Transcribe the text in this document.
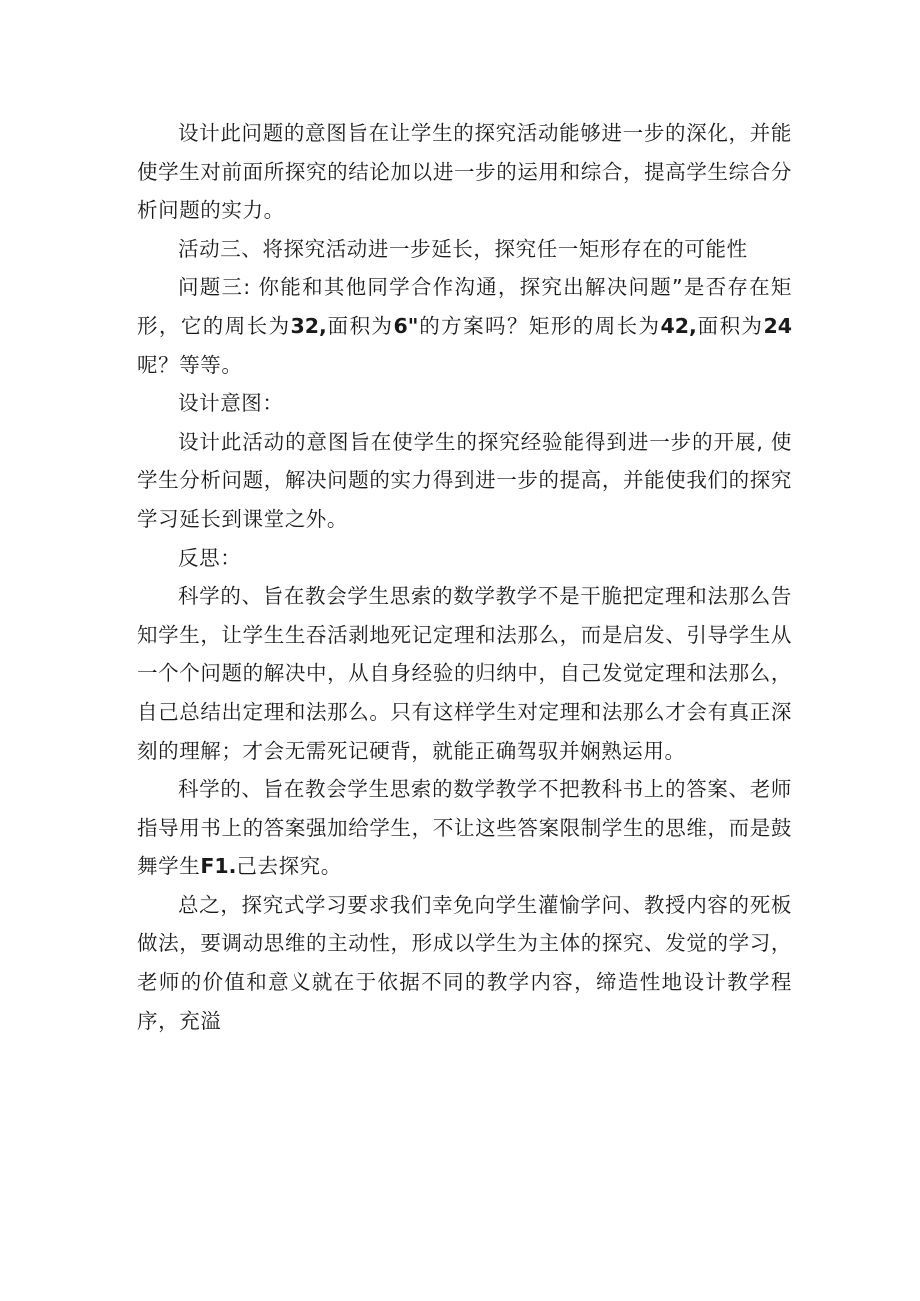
设计此问题的意图旨在让学生的探究活动能够进一步的深化，并能使学生对前面所探究的结论加以进一步的运用和综合，提高学生综合分析问题的实力。

活动三、将探究活动进一步延长，探究任一矩形存在的可能性

问题三: 你能和其他同学合作沟通，探究出解决问题”是否存在矩形，它的周长为32,面积为6"的方案吗？矩形的周长为42,面积为24呢？等等。

设计意图：

设计此活动的意图旨在使学生的探究经验能得到进一步的开展, 使学生分析问题，解决问题的实力得到进一步的提高，并能使我们的探究学习延长到课堂之外。

反思：

科学的、旨在教会学生思索的数学教学不是干脆把定理和法那么告知学生，让学生生吞活剥地死记定理和法那么，而是启发、引导学生从一个个问题的解决中，从自身经验的归纳中，自己发觉定理和法那么，自己总结出定理和法那么。只有这样学生对定理和法那么才会有真正深刻的理解；才会无需死记硬背，就能正确驾驭并娴熟运用。

科学的、旨在教会学生思索的数学教学不把教科书上的答案、老师指导用书上的答案强加给学生，不让这些答案限制学生的思维，而是鼓舞学生F1.己去探究。

总之，探究式学习要求我们幸免向学生灌愉学问、教授内容的死板做法，要调动思维的主动性，形成以学生为主体的探究、发觉的学习，老师的价值和意义就在于依据不同的教学内容，缔造性地设计教学程序，充溢
